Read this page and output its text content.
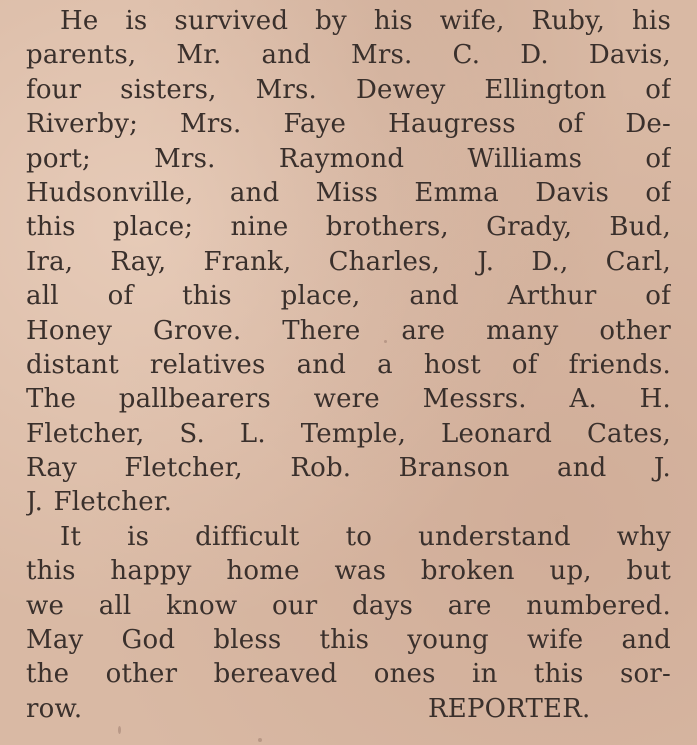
He is survived by his wife, Ruby, his
parents, Mr. and Mrs. C. D. Davis,
four sisters, Mrs. Dewey Ellington of
Riverby; Mrs. Faye Haugress of De-
port; Mrs. Raymond Williams of
Hudsonville, and Miss Emma Davis of
this place; nine brothers, Grady, Bud,
Ira, Ray, Frank, Charles, J. D., Carl,
all of this place, and Arthur of
Honey Grove. There are many other
distant relatives and a host of friends.
The pallbearers were Messrs. A. H.
Fletcher, S. L. Temple, Leonard Cates,
Ray Fletcher, Rob. Branson and J.
J. Fletcher.
It is difficult to understand why
this happy home was broken up, but
we all know our days are numbered.
May God bless this young wife and
the other bereaved ones in this sor-
row.	REPORTER.
